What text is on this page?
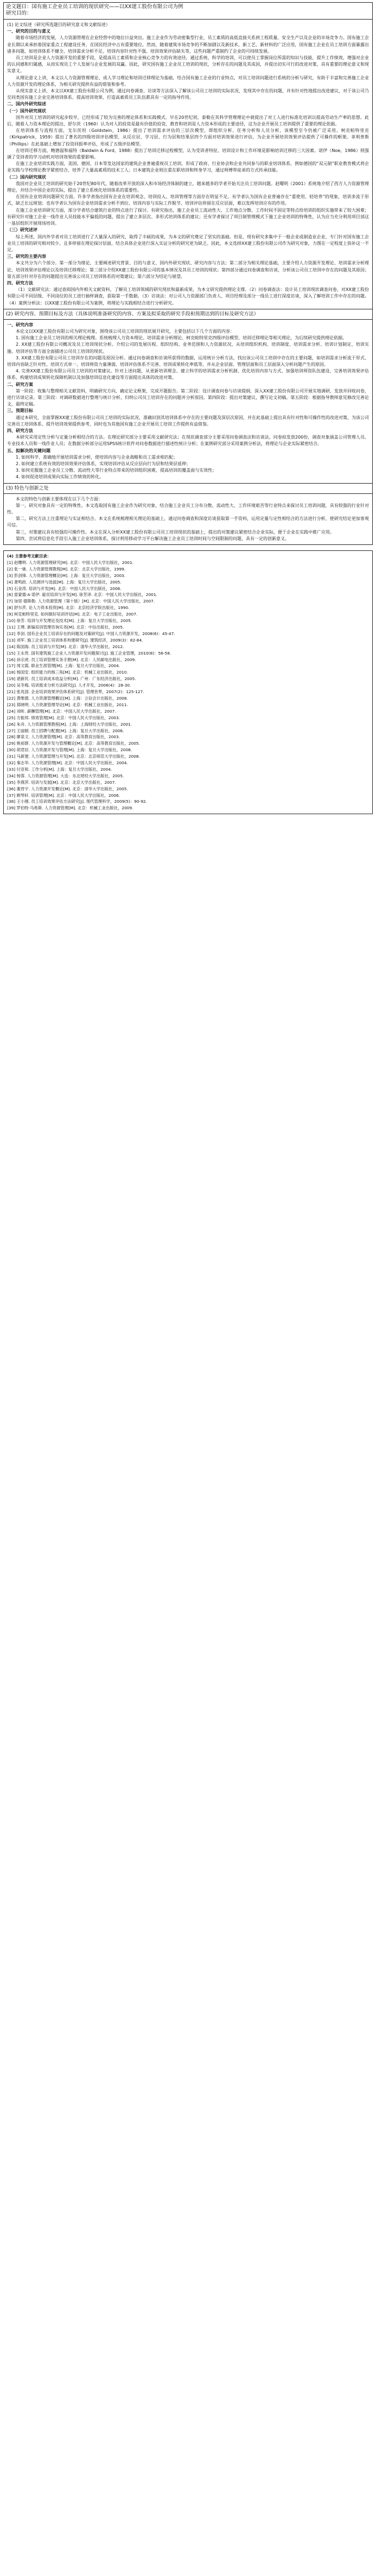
论文题目：国有施工企业员工培训的现状研究——以XX建工股份有限公司为例
研究目的：

(1) 论文综述（研究所选题目的研究意义和文献综述）

一、研究的目的与意义

随着市场经济的发展，人力资源管理在企业经营中的地位日益突出。施工企业作为劳动密集型行业，员工素质的高低直接关系到工程质量、安全生产以及企业的市场竞争力。国有施工企业长期以来承担着国家重点工程建设任务，在国民经济中占有重要地位。然而，随着建筑市场竞争的不断加剧以及新技术、新工艺、新材料的广泛应用，国有施工企业在员工培训方面暴露出诸多问题，如培训体系不健全、培训需求分析不足、培训内容针对性不强、培训效果评估缺失等，这些问题严重制约了企业的可持续发展。

员工培训是企业人力资源开发的重要手段，是提高员工素质和企业核心竞争力的有效途径。通过系统、科学的培训，可以使员工掌握岗位所需的知识与技能，提升工作绩效，增强对企业的认同感和归属感，从而实现员工个人发展与企业发展的双赢。因此，研究国有施工企业员工培训的现状，分析存在的问题及其成因，并提出切实可行的改进对策，具有重要的理论意义和现实意义。

从理论意义上讲，本文以人力资源管理理论、成人学习理论和培训迁移理论为基础，结合国有施工企业的行业特点，对员工培训问题进行系统的分析与研究，有助于丰富和完善施工企业人力资源开发的理论体系，为相关研究提供有益的借鉴和参考。

从现实意义上讲，本文以XX建工股份有限公司为例，通过问卷调查、访谈等方法深入了解该公司员工培训的实际状况，发现其中存在的问题，并有针对性地提出改进建议，对于该公司乃至同类国有施工企业完善培训体系、提高培训效果、打造高素质员工队伍都具有一定的指导作用。

二、国内外研究综述

（一）国外研究现状

国外对员工培训的研究起步较早，已经形成了较为完善的理论体系和实践模式。早在20世纪初，泰勒在其科学管理理论中就提出了对工人进行标准化培训以提高劳动生产率的思想。此后，随着人力资本理论的提出，舒尔茨（1960）认为对人的投资是最有价值的投资，教育和培训是人力资本形成的主要途径，这为企业开展员工培训提供了重要的理论依据。

在培训体系与流程方面，戈尔茨坦（Goldstein，1986）提出了培训需求评估的三层次模型，即组织分析、任务分析和人员分析，该模型至今仍被广泛采用。柯克帕特里克（Kirkpatrick，1959）提出了著名的四级培训评估模型，从反应层、学习层、行为层和结果层四个方面对培训效果进行评估，为企业开展培训效果评估提供了可操作的框架。菲利普斯（Phillips）在此基础上增加了投资回报率评估，形成了五级评估模型。

在培训迁移方面，鲍德温和福特（Baldwin & Ford，1988）提出了培训迁移过程模型，认为受训者特征、培训设计和工作环境是影响培训迁移的三大因素。诺伊（Noe，1986）则强调了受训者的学习动机对培训效果的重要影响。

在施工企业培训实践方面，美国、德国、日本等发达国家的建筑企业普遍重视员工培训，形成了政府、行业协会和企业共同参与的职业培训体系。例如德国的“双元制”职业教育模式将企业实践与学校理论教学紧密结合，培养了大量高素质的技术工人；日本建筑企业则注重在职培训和终身学习，通过师傅带徒弟的方式传承技能。

（二）国内研究现状

我国对企业员工培训的研究始于20世纪80年代，随着改革开放的深入和市场经济体制的建立，越来越多的学者开始关注员工培训问题。赵曙明（2001）系统地介绍了西方人力资源管理理论，并结合中国企业的实际，提出了建立系统化培训体系的重要性。

在国有企业培训问题研究方面，许多学者指出国有企业在培训观念、培训投入、培训管理等方面存在明显不足。有学者认为国有企业普遍存在“重使用、轻培养”的现象，培训多流于形式，缺乏长远规划；也有学者认为国有企业培训需求分析不到位、培训内容与实际工作脱节、培训评估停留在反应层面，难以发挥培训应有的作用。

在施工企业培训研究方面，部分学者结合建筑行业的特点进行了探讨。有研究指出，施工企业员工流动性大、工作地点分散、工作时间不固定等特点给培训的组织实施带来了较大困难；有研究针对施工企业一线作业人员技能水平偏低的问题，提出了建立多层次、多形式培训体系的建议；还有学者探讨了项目制管理模式下施工企业培训的特殊性，认为应当充分利用项目部这一基层组织开展现场培训。

（三）研究述评

综上所述，国内外学者对员工培训进行了大量深入的研究，取得了丰硕的成果，为本文的研究奠定了坚实的基础。但是，现有研究多集中于一般企业或制造业企业，专门针对国有施工企业员工培训的研究相对较少，且多停留在理论探讨层面，结合具体企业进行深入实证分析的研究更为缺乏。因此，本文选择XX建工股份有限公司作为研究对象，力图在一定程度上弥补这一不足。

三、研究的主要内容

本文共分为六个部分。第一部分为绪论，主要阐述研究背景、目的与意义、国内外研究现状、研究内容与方法；第二部分为相关理论基础，主要介绍人力资源开发理论、培训需求分析理论、培训效果评估理论以及培训迁移理论；第三部分介绍XX建工股份有限公司的基本情况及其员工培训的现状；第四部分通过问卷调查和访谈，分析该公司员工培训中存在的问题及其原因；第五部分针对存在的问题提出完善该公司员工培训体系的对策建议；第六部分为结论与展望。

四、研究方法

（1）文献研究法：通过查阅国内外相关文献资料，了解员工培训领域的研究现状和最新成果，为本文研究提供理论支撑。（2）问卷调查法：设计员工培训现状调查问卷，对XX建工股份有限公司不同层级、不同岗位的员工进行抽样调查，获取第一手数据。（3）访谈法：对公司人力资源部门负责人、项目经理及部分一线员工进行深度访谈，深入了解培训工作中存在的问题。（4）案例分析法：以XX建工股份有限公司为案例，将理论与实践相结合进行分析研究。

(2) 研究内容、预期目标及方法（具体说明准备研究的内容、方案及拟采取的研究手段和预期达到的目标及研究方法）

一、研究内容

本论文以XX建工股份有限公司为研究对象，围绕该公司员工培训的现状展开研究，主要包括以下几个方面的内容：

1. 国有施工企业员工培训的相关理论梳理。系统梳理人力资本理论、培训需求分析理论、柯克帕特里克四级评估模型、培训迁移理论等相关理论，为后续研究提供理论依据。

2. XX建工股份有限公司概况及员工培训现状分析。介绍公司的发展历程、组织结构、业务范围和人力资源状况，从培训组织机构、培训制度、培训需求分析、培训计划制定、培训实施、培训评估等方面全面描述公司员工培训的现状。

3. XX建工股份有限公司员工培训存在的问题及原因分析。通过问卷调查和访谈所获得的数据，运用统计分析方法，找出该公司员工培训中存在的主要问题，如培训需求分析流于形式、培训内容缺乏针对性、培训方式单一、培训师资力量薄弱、培训评估体系不完善、培训成果转化率低等，并从企业层面、管理层面和员工层面深入分析问题产生的原因。

4. 完善XX建工股份有限公司员工培训的对策建议。针对上述问题，从更新培训理念、建立科学的培训需求分析机制、优化培训内容与方式、加强培训师资队伍建设、完善培训效果评估体系、构建培训成果转化保障机制以及加强培训信息化建设等方面提出具体的改进对策。

二、研究方案

第一阶段：收集与整理相关文献资料，明确研究方向，确定论文框架，完成开题报告。第二阶段：设计调查问卷与访谈提纲，深入XX建工股份有限公司开展实地调研，发放并回收问卷，进行访谈记录。第三阶段：对调研数据进行整理与统计分析，归纳公司员工培训存在的问题并分析原因。第四阶段：提出对策建议，撰写论文初稿。第五阶段：根据指导教师意见修改完善论文，最终定稿。

三、预期目标

通过本研究，全面掌握XX建工股份有限公司员工培训的实际状况，准确识别其培训体系中存在的主要问题及深层次原因，并在此基础上提出具有针对性和可操作性的改进对策，为该公司完善员工培训体系、提升培训效果提供参考，同时也为其他国有施工企业开展员工培训工作提供有益借鉴。

四、研究方法

本研究采用定性分析与定量分析相结合的方法。在理论研究部分主要采用文献研究法；在现状调查部分主要采用问卷调查法和访谈法，问卷拟发放200份，调查对象涵盖公司管理人员、专业技术人员和一线作业人员；在数据分析部分运用SPSS统计软件对问卷数据进行描述性统计分析；在案例研究部分采用案例分析法，将理论与企业实际紧密结合。

五、拟解决的关键问题

1. 如何科学、准确地开展培训需求分析，使培训内容与企业战略和员工需求相匹配；

2. 如何建立系统有效的培训效果评估体系，实现培训评估从反应层向行为层和结果层延伸；

3. 如何克服施工企业员工分散、流动性大等行业特点带来的培训组织困难，提高培训的覆盖面与实效性；

4. 如何促进培训成果向实际工作绩效的转化。

(3) 特色与创新之处

本文的特色与创新主要体现在以下几个方面：

第一，研究对象具有一定的特殊性。本文选取国有施工企业作为研究对象，结合施工企业员工分布分散、流动性大、工作环境艰苦等行业特点来探讨员工培训问题，具有较强的行业针对性。

第二，研究方法上注重理论与实证相结合。本文在系统梳理相关理论的基础上，通过问卷调查和深度访谈获取第一手资料，运用定量与定性相结合的方法进行分析，使研究结论更加客观可信。

第三，对策建议具有较强的可操作性。本文在深入分析XX建工股份有限公司员工培训现状的基础上，提出的对策建议紧密结合企业实际，便于企业在实践中推广应用。

第四，尝试将信息化手段引入施工企业培训体系，探讨利用移动学习平台解决施工企业员工培训时间与空间限制的问题，具有一定的创新意义。

(4) 主要参考文献目录：
[1] 赵曙明. 人力资源管理研究[M]. 北京：中国人民大学出版社，2001.
[2] 张一驰. 人力资源管理教程[M]. 北京：北京大学出版社，1999.
[3] 彭剑锋. 人力资源管理概论[M]. 上海：复旦大学出版社，2003.
[4] 萧鸣政. 人员测评与选拔[M]. 上海：复旦大学出版社，2005.
[5] 石金涛. 培训与开发[M]. 北京：中国人民大学出版社，2006.
[6] 雷蒙德·A·诺伊. 雇员培训与开发[M]. 徐芳译. 北京：中国人民大学出版社，2001.
[7] 加里·德斯勒. 人力资源管理（第十版）[M]. 北京：中国人民大学出版社，2007.
[8] 舒尔茨. 论人力资本投资[M]. 北京：北京经济学院出版社，1990.
[9] 柯克帕特里克. 如何做好培训评估[M]. 北京：电子工业出版社，2007.
[10] 徐芳. 培训与开发理论及技术[M]. 上海：复旦大学出版社，2005.
[11] 王璞. 新编培训管理咨询实务[M]. 北京：中信出版社，2005.
[12] 李剑. 国有企业员工培训存在的问题及对策研究[J]. 中国人力资源开发，2008(6)：45-47.
[13] 刘军. 施工企业员工培训体系构建研究[J]. 建筑经济，2009(3)：82-84.
[14] 陈国海. 员工培训与开发[M]. 北京：清华大学出版社，2012.
[15] 王永贵. 国有建筑施工企业人力资源开发问题探讨[J]. 施工企业管理，2010(8)：56-58.
[16] 孙宗虎. 员工培训管理实务手册[M]. 北京：人民邮电出版社，2009.
[17] 周文霞. 职业生涯管理[M]. 上海：复旦大学出版社，2004.
[18] 杨国安. 组织能力的杨三角[M]. 北京：机械工业出版社，2010.
[19] 谌新民. 员工培训成本收益分析[M]. 广州：广东经济出版社，2005.
[20] 吴冬梅. 培训需求分析方法研究[J]. 人才开发，2006(4)：28-30.
[21] 张兆国. 企业培训效果评估体系研究[J]. 管理世界，2007(2)：125-127.
[22] 黄维德. 人力资源管理概论[M]. 上海：立信会计出版社，2008.
[23] 郑晓明. 人力资源管理导论[M]. 北京：机械工业出版社，2011.
[24] 刘昕. 薪酬管理[M]. 北京：中国人民大学出版社，2007.
[25] 方振邦. 绩效管理[M]. 北京：中国人民大学出版社，2003.
[26] 朱舟. 人力资源管理教程[M]. 上海：上海财经大学出版社，2001.
[27] 王丽娟. 员工招聘与配置[M]. 上海：复旦大学出版社，2006.
[28] 廖泉文. 人力资源管理[M]. 北京：高等教育出版社，2003.
[29] 姚裕群. 人力资源开发与管理概论[M]. 北京：高等教育出版社，2005.
[30] 胡君辰. 人力资源开发与管理[M]. 上海：复旦大学出版社，2008.
[31] 马新建. 人力资源管理与开发[M]. 北京：北京师范大学出版社，2008.
[32] 秦志华. 人力资源管理[M]. 北京：中国人民大学出版社，2004.
[33] 付亚和. 工作分析[M]. 上海：复旦大学出版社，2004.
[34] 杨蓉. 人力资源管理[M]. 大连：东北财经大学出版社，2005.
[35] 李燕萍. 培训与发展[M]. 北京：北京大学出版社，2007.
[36] 谢晋宇. 人力资源开发概论[M]. 北京：清华大学出版社，2005.
[37] 顾琴轩. 培训管理[M]. 北京：中国人民大学出版社，2006.
[38] 王小刚. 员工培训效果评估方法研究[J]. 现代管理科学，2009(5)：90-92.
[39] 罗伯特·马希斯. 人力资源管理[M]. 北京：机械工业出版社，2009.
